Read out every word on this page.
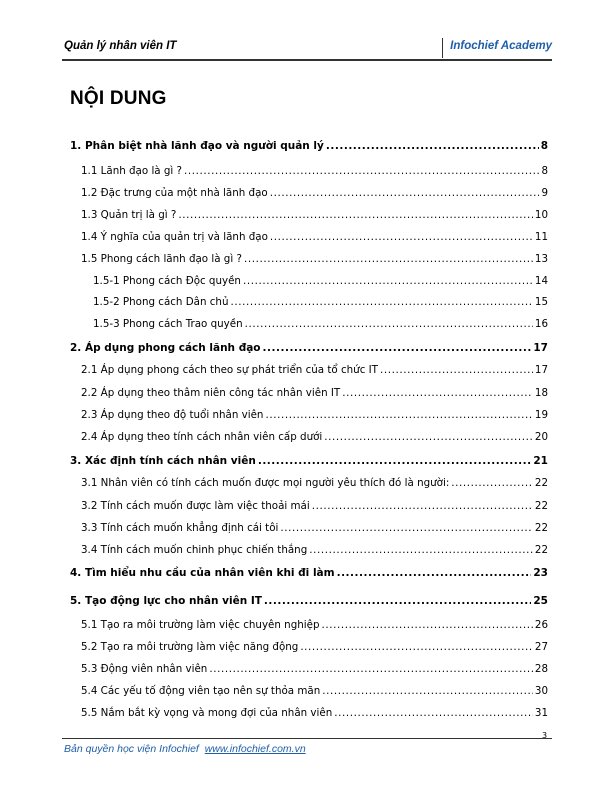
Quản lý nhân viên IT	Infochief Academy
NỘI DUNG
1. Phân biệt nhà lãnh đạo và người quản lý .....	8
1.1 Lãnh đạo là gì ? .....	8
1.2 Đặc trưng của một nhà lãnh đạo .....	9
1.3 Quản trị là gì ? .....	10
1.4 Ý nghĩa của quản trị và lãnh đạo .....	11
1.5 Phong cách lãnh đạo là gì ? .....	13
1.5-1 Phong cách Độc quyền .....	14
1.5-2 Phong cách Dân chủ .....	15
1.5-3 Phong cách Trao quyền .....	16
2. Áp dụng phong cách lãnh đạo .....	17
2.1 Áp dụng phong cách theo sự phát triển của tổ chức IT .....	17
2.2 Áp dụng theo thâm niên công tác nhân viên IT .....	18
2.3 Áp dụng theo độ tuổi nhân viên .....	19
2.4 Áp dụng theo tính cách nhân viên cấp dưới .....	20
3. Xác định tính cách nhân viên .....	21
3.1 Nhân viên có tính cách muốn được mọi người yêu thích đó là người: .....	22
3.2 Tính cách muốn được làm việc thoải mái .....	22
3.3 Tính cách muốn khẳng định cái tôi .....	22
3.4 Tính cách muốn chinh phục chiến thắng .....	22
4. Tìm hiểu nhu cầu của nhân viên khi đi làm .....	23
5. Tạo động lực cho nhân viên IT .....	25
5.1 Tạo ra môi trường làm việc chuyên nghiệp .....	26
5.2 Tạo ra môi trường làm việc năng động .....	27
5.3 Động viên nhân viên .....	28
5.4 Các yếu tố động viên tạo nên sự thỏa mãn .....	30
5.5 Nắm bắt kỳ vọng và mong đợi của nhân viên .....	31
3
Bản quyền học viện Infochief www.infochief.com.vn
